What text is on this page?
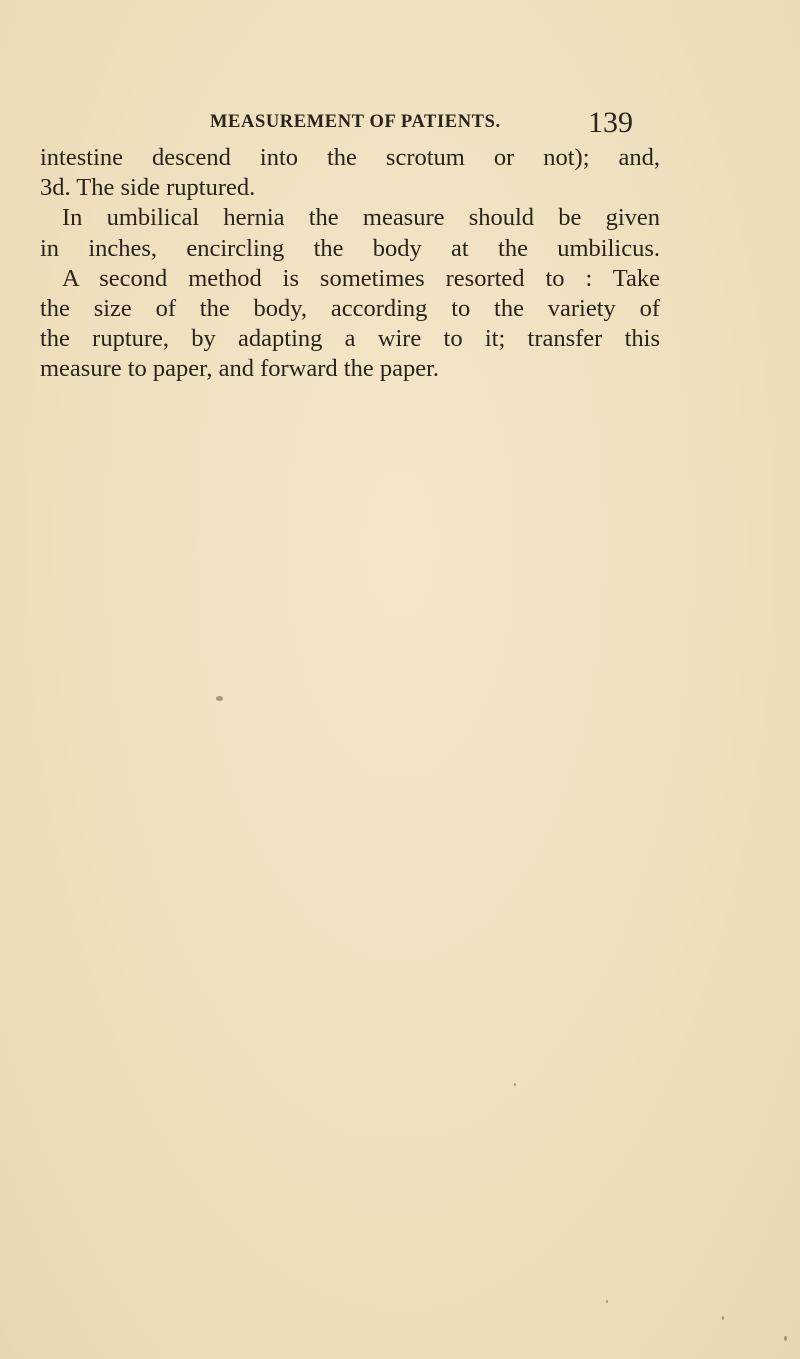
MEASUREMENT OF PATIENTS.	139
intestine descend into the scrotum or not); and,
3d. The side ruptured.
In umbilical hernia the measure should be given
in inches, encircling the body at the umbilicus.
A second method is sometimes resorted to : Take
the size of the body, according to the variety of
the rupture, by adapting a wire to it; transfer this
measure to paper, and forward the paper.
